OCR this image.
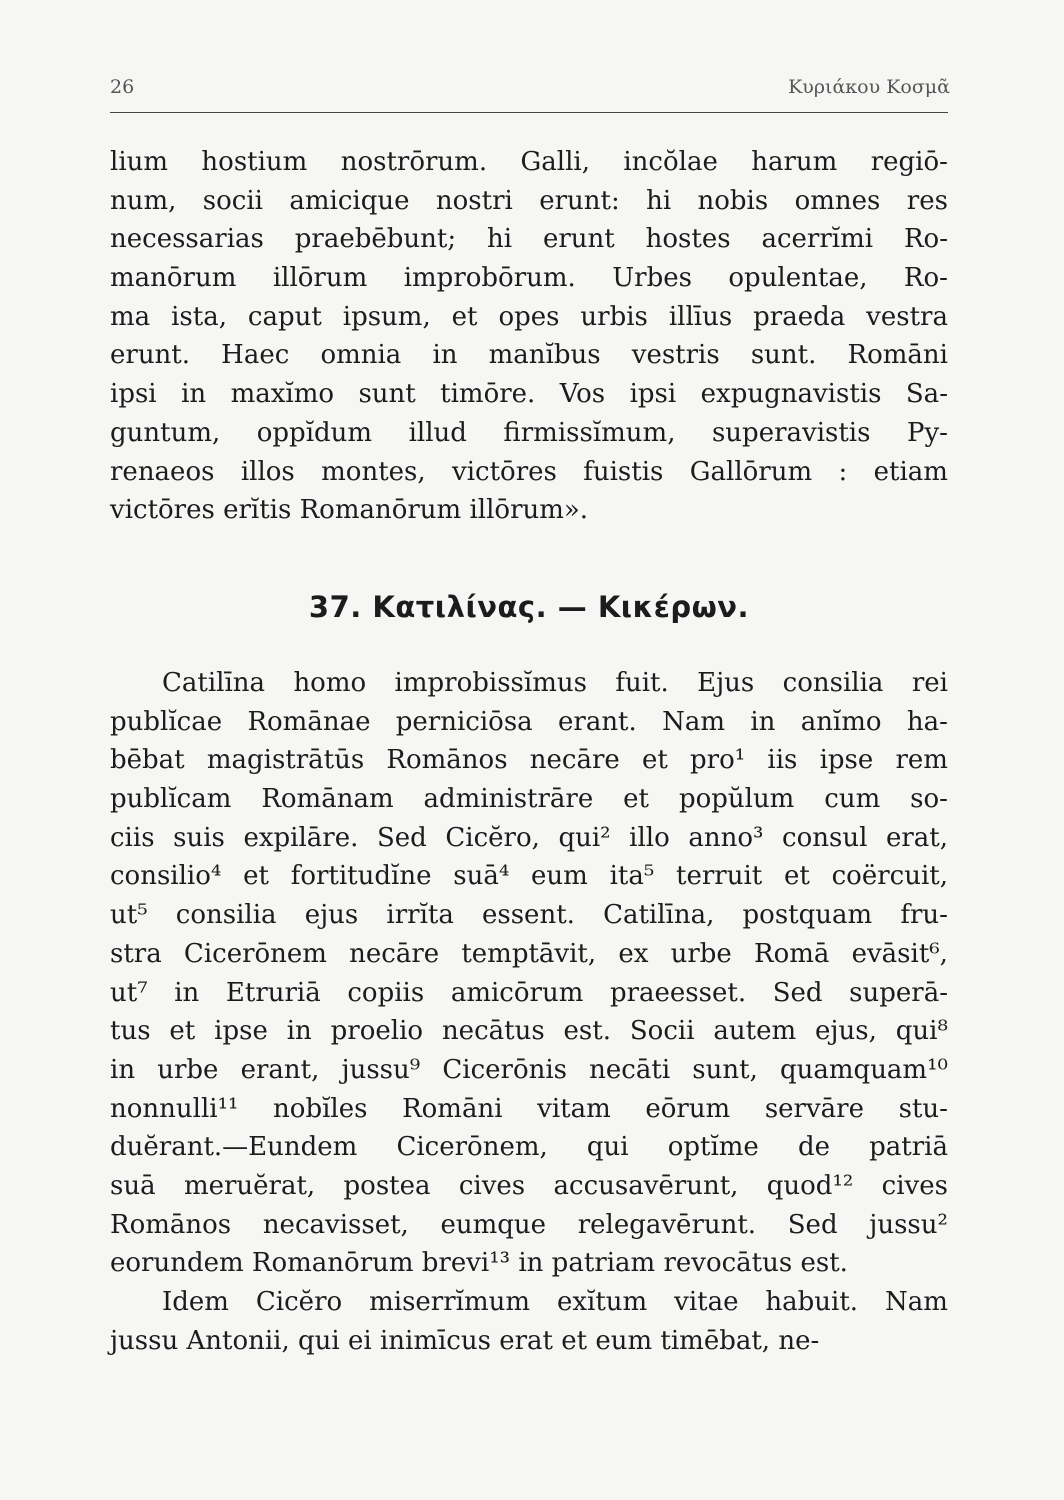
26	Κυριάκου Κοσμᾶ
lium hostium nostrōrum. Galli, incŏlae harum regiō-
num, socii amicique nostri erunt: hi nobis omnes res
necessarias praebēbunt; hi erunt hostes acerrĭmi Ro-
manōrum illōrum improbōrum. Urbes opulentae, Ro-
ma ista, caput ipsum, et opes urbis illīus praeda vestra
erunt. Haec omnia in manĭbus vestris sunt. Romāni
ipsi in maxĭmo sunt timōre. Vos ipsi expugnavistis Sa-
guntum, oppĭdum illud firmissĭmum, superavistis Py-
renaeos illos montes, victōres fuistis Gallōrum : etiam
victōres erĭtis Romanōrum illōrum».
37. Κατιλίνας. — Κικέρων.
Catilīna homo improbissĭmus fuit. Ejus consilia rei
publĭcae Romānae perniciōsa erant. Nam in anĭmo ha-
bēbat magistrātūs Romānos necāre et pro¹ iis ipse rem
publĭcam Romānam administrāre et popŭlum cum so-
ciis suis expilāre. Sed Cicĕro, qui² illo anno³ consul erat,
consilio⁴ et fortitudĭne suā⁴ eum ita⁵ terruit et coërcuit,
ut⁵ consilia ejus irrĭta essent. Catilīna, postquam fru-
stra Cicerōnem necāre temptāvit, ex urbe Romā evāsit⁶,
ut⁷ in Etruriā copiis amicōrum praeesset. Sed superā-
tus et ipse in proelio necātus est. Socii autem ejus, qui⁸
in urbe erant, jussu⁹ Cicerōnis necāti sunt, quamquam¹⁰
nonnulli¹¹ nobĭles Romāni vitam eōrum servāre stu-
duĕrant.—Eundem Cicerōnem, qui optĭme de patriā
suā meruĕrat, postea cives accusavērunt, quod¹² cives
Romānos necavisset, eumque relegavērunt. Sed jussu²
eorundem Romanōrum brevi¹³ in patriam revocātus est.
Idem Cicĕro miserrĭmum exĭtum vitae habuit. Nam
jussu Antonii, qui ei inimīcus erat et eum timēbat, ne-
